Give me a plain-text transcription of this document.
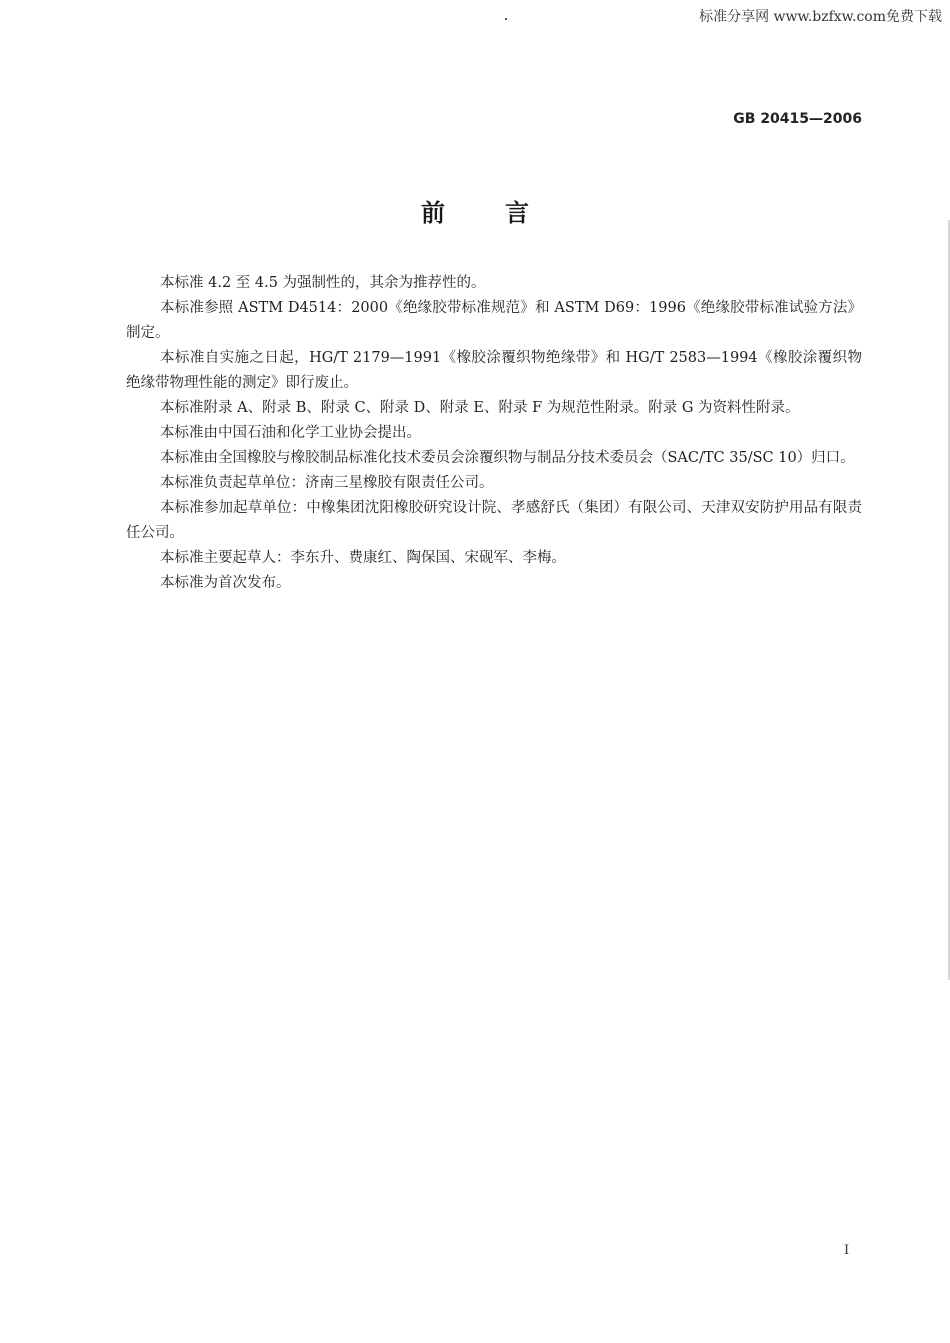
标准分享网 www.bzfxw.com免费下载
GB 20415—2006
前言

本标准 4.2 至 4.5 为强制性的，其余为推荐性的。

本标准参照 ASTM D4514：2000《绝缘胶带标准规范》和 ASTM D69：1996《绝缘胶带标准试验方法》制定。

本标准自实施之日起，HG/T 2179—1991《橡胶涂覆织物绝缘带》和 HG/T 2583—1994《橡胶涂覆织物绝缘带物理性能的测定》即行废止。

本标准附录 A、附录 B、附录 C、附录 D、附录 E、附录 F 为规范性附录。附录 G 为资料性附录。

本标准由中国石油和化学工业协会提出。

本标准由全国橡胶与橡胶制品标准化技术委员会涂覆织物与制品分技术委员会（SAC/TC 35/SC 10）归口。

本标准负责起草单位：济南三星橡胶有限责任公司。

本标准参加起草单位：中橡集团沈阳橡胶研究设计院、孝感舒氏（集团）有限公司、天津双安防护用品有限责任公司。

本标准主要起草人：李东升、费康红、陶保国、宋砚军、李梅。

本标准为首次发布。

I
